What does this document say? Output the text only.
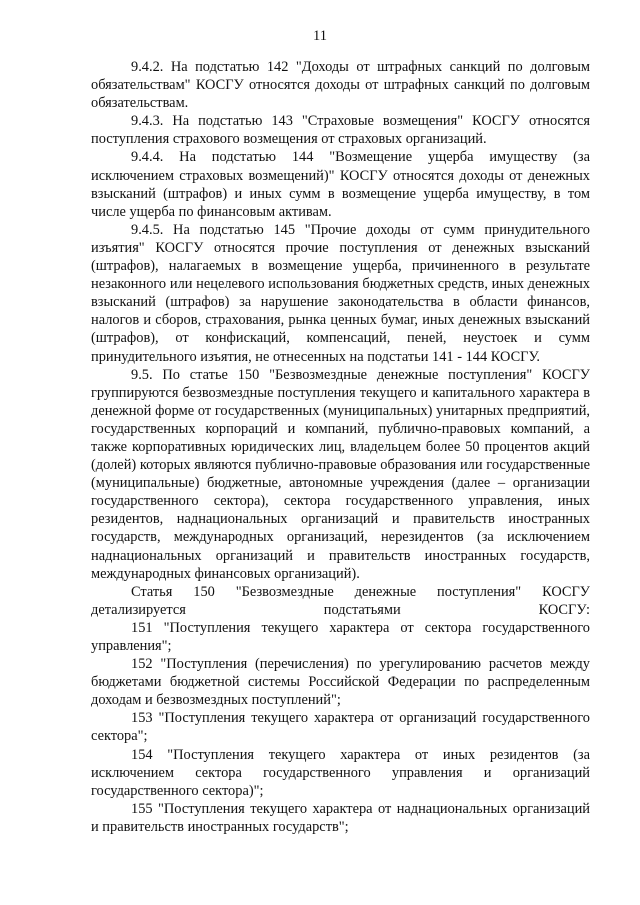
11

9.4.2. На подстатью 142 "Доходы от штрафных санкций по долговым обязательствам" КОСГУ относятся доходы от штрафных санкций по долговым обязательствам.

9.4.3. На подстатью 143 "Страховые возмещения" КОСГУ относятся поступления страхового возмещения от страховых организаций.

9.4.4. На подстатью 144 "Возмещение ущерба имуществу (за исключением страховых возмещений)" КОСГУ относятся доходы от денежных взысканий (штрафов) и иных сумм в возмещение ущерба имуществу, в том числе ущерба по финансовым активам.

9.4.5. На подстатью 145 "Прочие доходы от сумм принудительного изъятия" КОСГУ относятся прочие поступления от денежных взысканий (штрафов), налагаемых в возмещение ущерба, причиненного в результате незаконного или нецелевого использования бюджетных средств, иных денежных взысканий (штрафов) за нарушение законодательства в области финансов, налогов и сборов, страхования, рынка ценных бумаг, иных денежных взысканий (штрафов), от конфискаций, компенсаций, пеней, неустоек и сумм принудительного изъятия, не отнесенных на подстатьи 141 - 144 КОСГУ.

9.5. По статье 150 "Безвозмездные денежные поступления" КОСГУ группируются безвозмездные поступления текущего и капитального характера в денежной форме от государственных (муниципальных) унитарных предприятий, государственных корпораций и компаний, публично-правовых компаний, а также корпоративных юридических лиц, владельцем более 50 процентов акций (долей) которых являются публично-правовые образования или государственные (муниципальные) бюджетные, автономные учреждения (далее – организации государственного сектора), сектора государственного управления, иных резидентов, наднациональных организаций и правительств иностранных государств, международных организаций, нерезидентов (за исключением наднациональных организаций и правительств иностранных государств, международных финансовых организаций).

Статья 150 "Безвозмездные денежные поступления" КОСГУ детализируется подстатьями КОСГУ:

151 "Поступления текущего характера от сектора государственного управления";

152 "Поступления (перечисления) по урегулированию расчетов между бюджетами бюджетной системы Российской Федерации по распределенным доходам и безвозмездных поступлений";

153 "Поступления текущего характера от организаций государственного сектора";

154 "Поступления текущего характера от иных резидентов (за исключением сектора государственного управления и организаций государственного сектора)";

155 "Поступления текущего характера от наднациональных организаций и правительств иностранных государств";
